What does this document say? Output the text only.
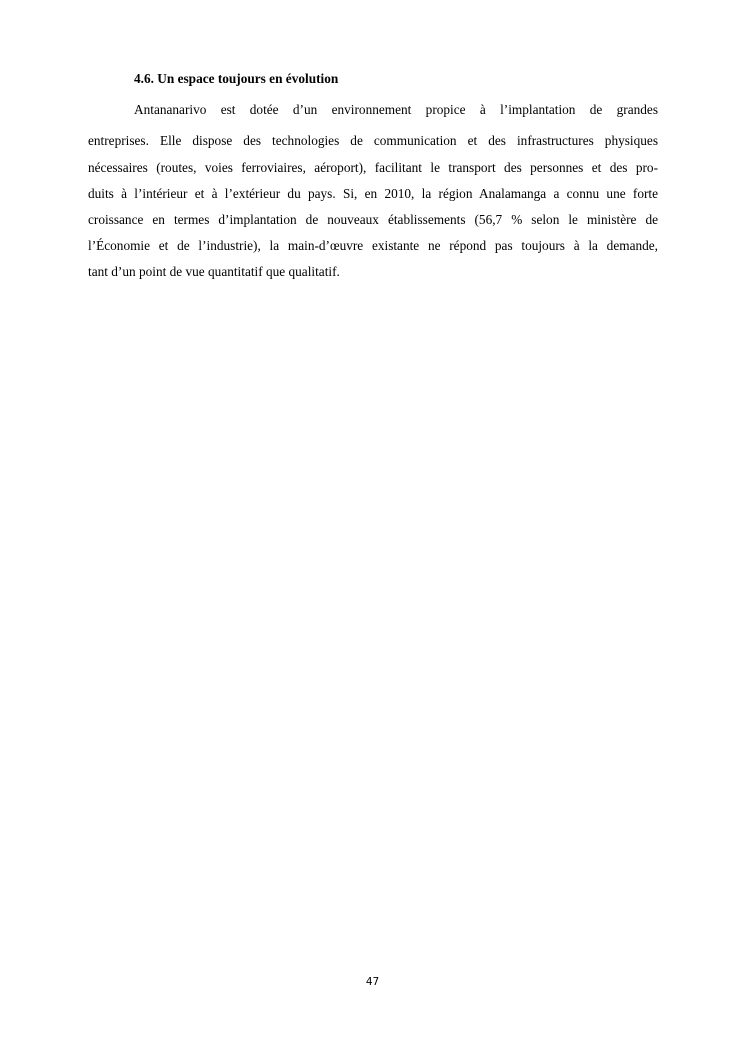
4.6. Un espace toujours en évolution

Antananarivo est dotée d’un environnement propice à l’implantation de grandes

entreprises. Elle dispose des technologies de communication et des infrastructures physiques

nécessaires (routes, voies ferroviaires, aéroport), facilitant le transport des personnes et des pro-

duits à l’intérieur et à l’extérieur du pays. Si, en 2010, la région Analamanga a connu une forte

croissance en termes d’implantation de nouveaux établissements (56,7 % selon le ministère de

l’Économie et de l’industrie), la main-d’œuvre existante ne répond pas toujours à la demande,

tant d’un point de vue quantitatif que qualitatif.

47
